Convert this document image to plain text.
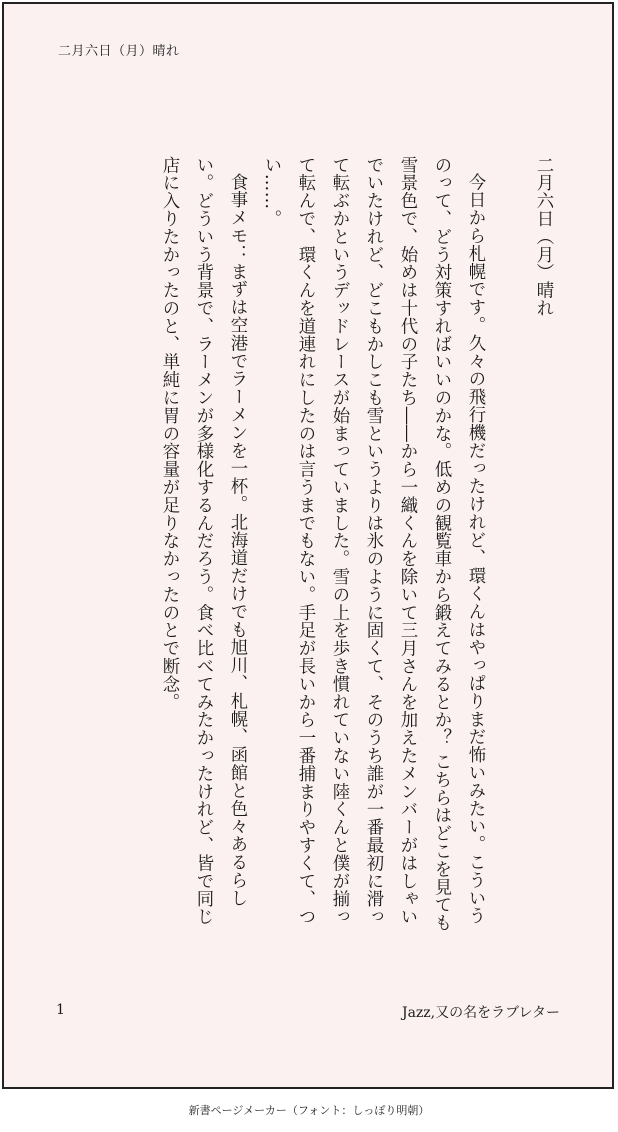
二月六日（月）晴れ
二月六日（月）晴れ

今日から札幌です。久々の飛行機だったけれど、環くんはやっぱりまだ怖いみたい。こういうのって、どう対策すればいいのかな。低めの観覧車から鍛えてみるとか？ こちらはどこを見ても雪景色で、始めは十代の子たち――から一織くんを除いて三月さんを加えたメンバーがはしゃいでいたけれど、どこもかしこも雪というよりは氷のように固くて、そのうち誰が一番最初に滑って転ぶかというデッドレースが始まっていました。雪の上を歩き慣れていない陸くんと僕が揃って転んで、環くんを道連れにしたのは言うまでもない。手足が長いから一番捕まりやすくて、つい……。

食事メモ：まずは空港でラーメンを一杯。北海道だけでも旭川、札幌、函館と色々あるらしい。どういう背景で、ラーメンが多様化するんだろう。食べ比べてみたかったけれど、皆で同じ店に入りたかったのと、単純に胃の容量が足りなかったのとで断念。

1	Jazz,又の名をラブレター
新書ページメーカー（フォント：しっぽり明朝）
